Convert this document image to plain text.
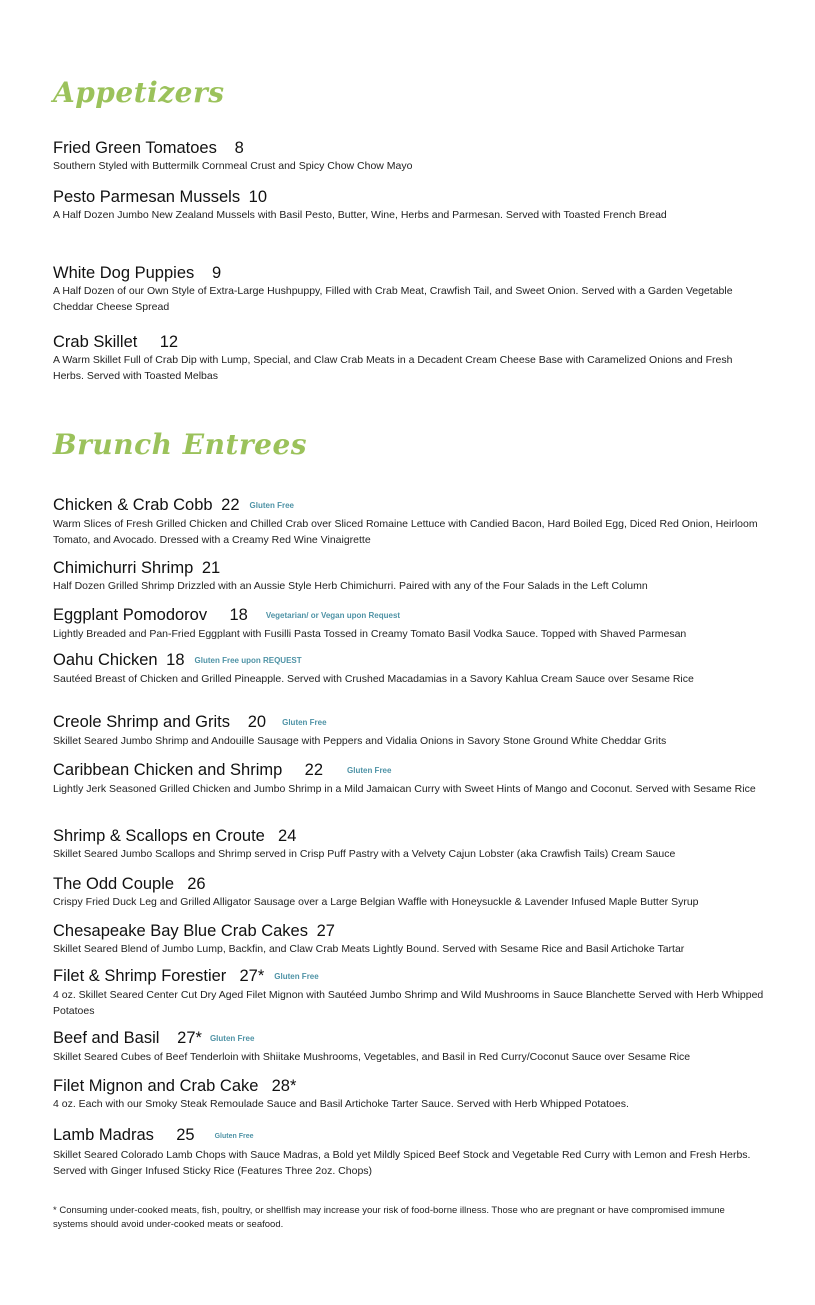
Appetizers
Fried Green Tomatoes 8
Southern Styled with Buttermilk Cornmeal Crust and Spicy Chow Chow Mayo
Pesto Parmesan Mussels 10
A Half Dozen Jumbo New Zealand Mussels with Basil Pesto, Butter, Wine, Herbs and Parmesan. Served with Toasted French Bread
White Dog Puppies 9
A Half Dozen of our Own Style of Extra-Large Hushpuppy, Filled with Crab Meat, Crawfish Tail, and Sweet Onion. Served with a Garden Vegetable Cheddar Cheese Spread
Crab Skillet 12
A Warm Skillet Full of Crab Dip with Lump, Special, and Claw Crab Meats in a Decadent Cream Cheese Base with Caramelized Onions and Fresh Herbs. Served with Toasted Melbas
Brunch Entrees
Chicken & Crab Cobb 22 Gluten Free
Warm Slices of Fresh Grilled Chicken and Chilled Crab over Sliced Romaine Lettuce with Candied Bacon, Hard Boiled Egg, Diced Red Onion, Heirloom Tomato, and Avocado. Dressed with a Creamy Red Wine Vinaigrette
Chimichurri Shrimp 21
Half Dozen Grilled Shrimp Drizzled with an Aussie Style Herb Chimichurri. Paired with any of the Four Salads in the Left Column
Eggplant Pomodorov 18 Vegetarian/ or Vegan upon Request
Lightly Breaded and Pan-Fried Eggplant with Fusilli Pasta Tossed in Creamy Tomato Basil Vodka Sauce. Topped with Shaved Parmesan
Oahu Chicken 18 Gluten Free upon REQUEST
Sautéed Breast of Chicken and Grilled Pineapple. Served with Crushed Macadamias in a Savory Kahlua Cream Sauce over Sesame Rice
Creole Shrimp and Grits 20 Gluten Free
Skillet Seared Jumbo Shrimp and Andouille Sausage with Peppers and Vidalia Onions in Savory Stone Ground White Cheddar Grits
Caribbean Chicken and Shrimp 22	Gluten Free
Lightly Jerk Seasoned Grilled Chicken and Jumbo Shrimp in a Mild Jamaican Curry with Sweet Hints of Mango and Coconut. Served with Sesame Rice
Shrimp & Scallops en Croute 24
Skillet Seared Jumbo Scallops and Shrimp served in Crisp Puff Pastry with a Velvety Cajun Lobster (aka Crawfish Tails) Cream Sauce
The Odd Couple 26
Crispy Fried Duck Leg and Grilled Alligator Sausage over a Large Belgian Waffle with Honeysuckle & Lavender Infused Maple Butter Syrup
Chesapeake Bay Blue Crab Cakes 27
Skillet Seared Blend of Jumbo Lump, Backfin, and Claw Crab Meats Lightly Bound. Served with Sesame Rice and Basil Artichoke Tartar
Filet & Shrimp Forestier 27* Gluten Free
4 oz. Skillet Seared Center Cut Dry Aged Filet Mignon with Sautéed Jumbo Shrimp and Wild Mushrooms in Sauce Blanchette Served with Herb Whipped Potatoes
Beef and Basil 27* Gluten Free
Skillet Seared Cubes of Beef Tenderloin with Shiitake Mushrooms, Vegetables, and Basil in Red Curry/Coconut Sauce over Sesame Rice
Filet Mignon and Crab Cake 28*
4 oz. Each with our Smoky Steak Remoulade Sauce and Basil Artichoke Tarter Sauce. Served with Herb Whipped Potatoes.
Lamb Madras 25	Gluten Free
Skillet Seared Colorado Lamb Chops with Sauce Madras, a Bold yet Mildly Spiced Beef Stock and Vegetable Red Curry with Lemon and Fresh Herbs. Served with Ginger Infused Sticky Rice (Features Three 2oz. Chops)
* Consuming under-cooked meats, fish, poultry, or shellfish may increase your risk of food-borne illness. Those who are pregnant or have compromised immune systems should avoid under-cooked meats or seafood.
